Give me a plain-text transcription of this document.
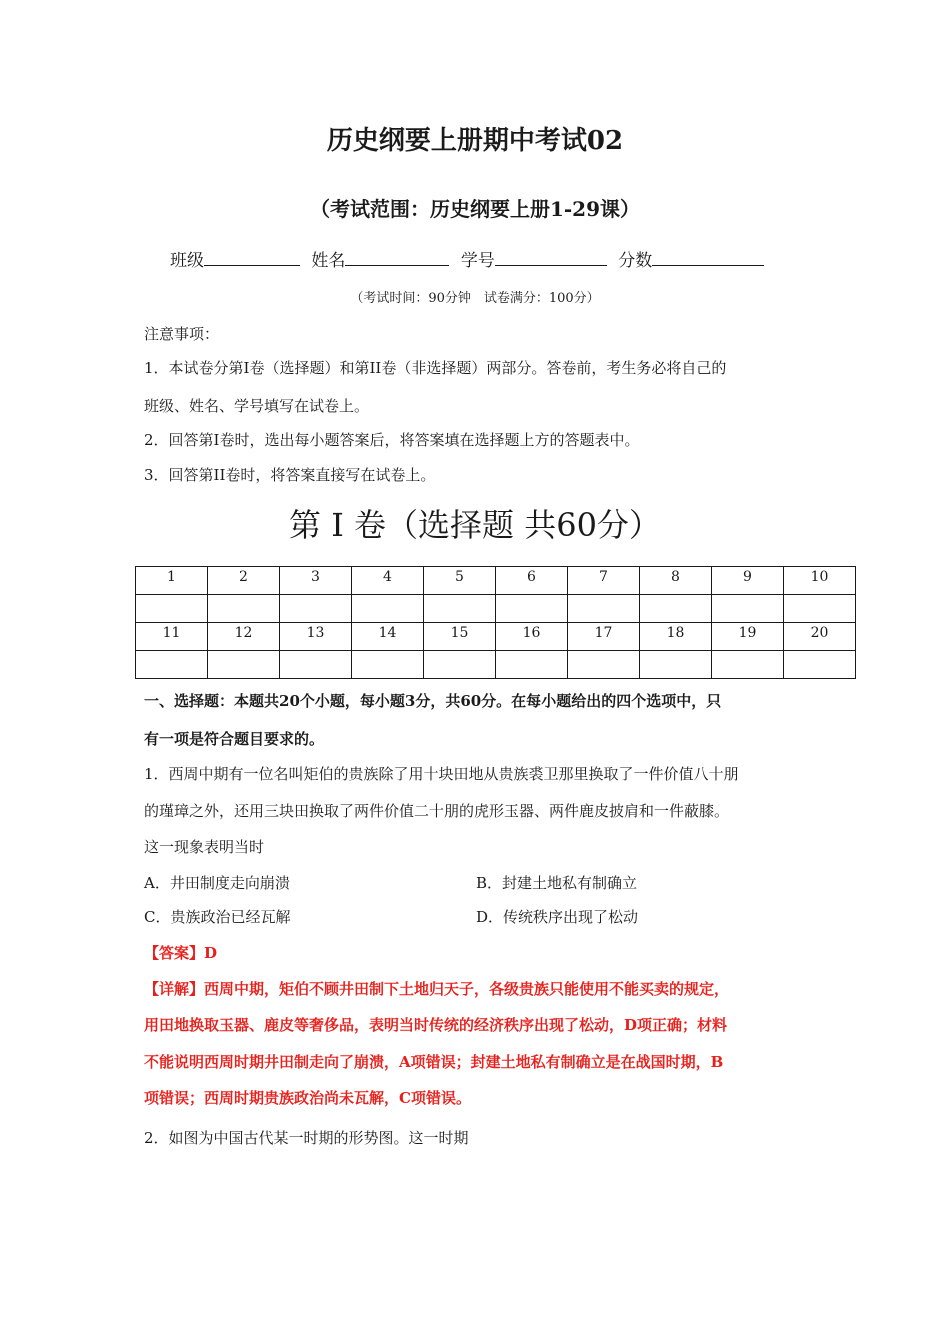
历史纲要上册期中考试02
（考试范围：历史纲要上册1-29课）
班级	姓名	学号	分数
（考试时间：90分钟　试卷满分：100分）
注意事项：
1．本试卷分第I卷（选择题）和第II卷（非选择题）两部分。答卷前，考生务必将自己的
班级、姓名、学号填写在试卷上。
2．回答第I卷时，选出每小题答案后，将答案填在选择题上方的答题表中。
3．回答第II卷时，将答案直接写在试卷上。
第 I 卷（选择题 共60分）
1	2	3	4	5	6	7	8	9	10

11	12	13	14	15	16	17	18	19	20

一、选择题：本题共20个小题，每小题3分，共60分。在每小题给出的四个选项中，只
有一项是符合题目要求的。
1．西周中期有一位名叫矩伯的贵族除了用十块田地从贵族裘卫那里换取了一件价值八十朋
的瑾璋之外，还用三块田换取了两件价值二十朋的虎形玉器、两件鹿皮披肩和一件蔽膝。
这一现象表明当时
A．井田制度走向崩溃	B．封建土地私有制确立
C．贵族政治已经瓦解	D．传统秩序出现了松动
【答案】D
【详解】西周中期，矩伯不顾井田制下土地归天子，各级贵族只能使用不能买卖的规定，
用田地换取玉器、鹿皮等奢侈品，表明当时传统的经济秩序出现了松动，D项正确；材料
不能说明西周时期井田制走向了崩溃，A项错误；封建土地私有制确立是在战国时期，B
项错误；西周时期贵族政治尚未瓦解，C项错误。
2．如图为中国古代某一时期的形势图。这一时期
